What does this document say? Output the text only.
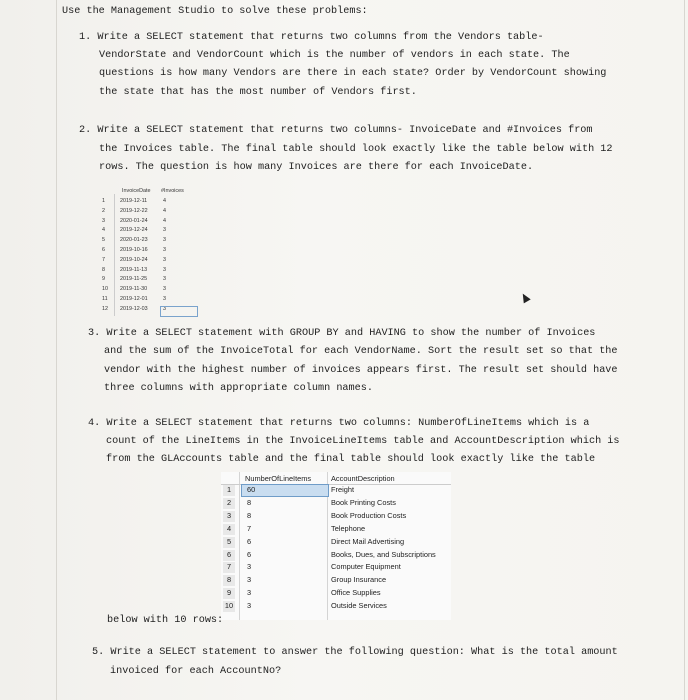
Use the Management Studio to solve these problems:
1. Write a SELECT statement that returns two columns from the Vendors table-
VendorState and VendorCount which is the number of vendors in each state. The
questions is how many Vendors are there in each state? Order by VendorCount showing
the state that has the most number of Vendors first.
2. Write a SELECT statement that returns two columns- InvoiceDate and #Invoices from
the Invoices table. The final table should look exactly like the table below with 12
rows. The question is how many Invoices are there for each InvoiceDate.
InvoiceDate #Invoices
1	2019-12-11	4
2	2019-12-22	4
3	2020-01-24	4
4	2019-12-24	3
5	2020-01-23	3
6	2019-10-16	3
7	2019-10-24	3
8	2019-11-13	3
9	2019-11-25	3
10	2019-11-30	3
11	2019-12-01	3
12	2019-12-03	3
3. Write a SELECT statement with GROUP BY and HAVING to show the number of Invoices
and the sum of the InvoiceTotal for each VendorName. Sort the result set so that the
vendor with the highest number of invoices appears first. The result set should have
three columns with appropriate column names.
4. Write a SELECT statement that returns two columns: NumberOfLineItems which is a
count of the LineItems in the InvoiceLineItems table and AccountDescription which is
from the GLAccounts table and the final table should look exactly like the table
NumberOfLineItems	AccountDescription
1	60	Freight
2	8	Book Printing Costs
3	8	Book Production Costs
4	7	Telephone
5	6	Direct Mail Advertising
6	6	Books, Dues, and Subscriptions
7	3	Computer Equipment
8	3	Group Insurance
9	3	Office Supplies
10 3	Outside Services
below with 10 rows:
5. Write a SELECT statement to answer the following question: What is the total amount
invoiced for each AccountNo?
